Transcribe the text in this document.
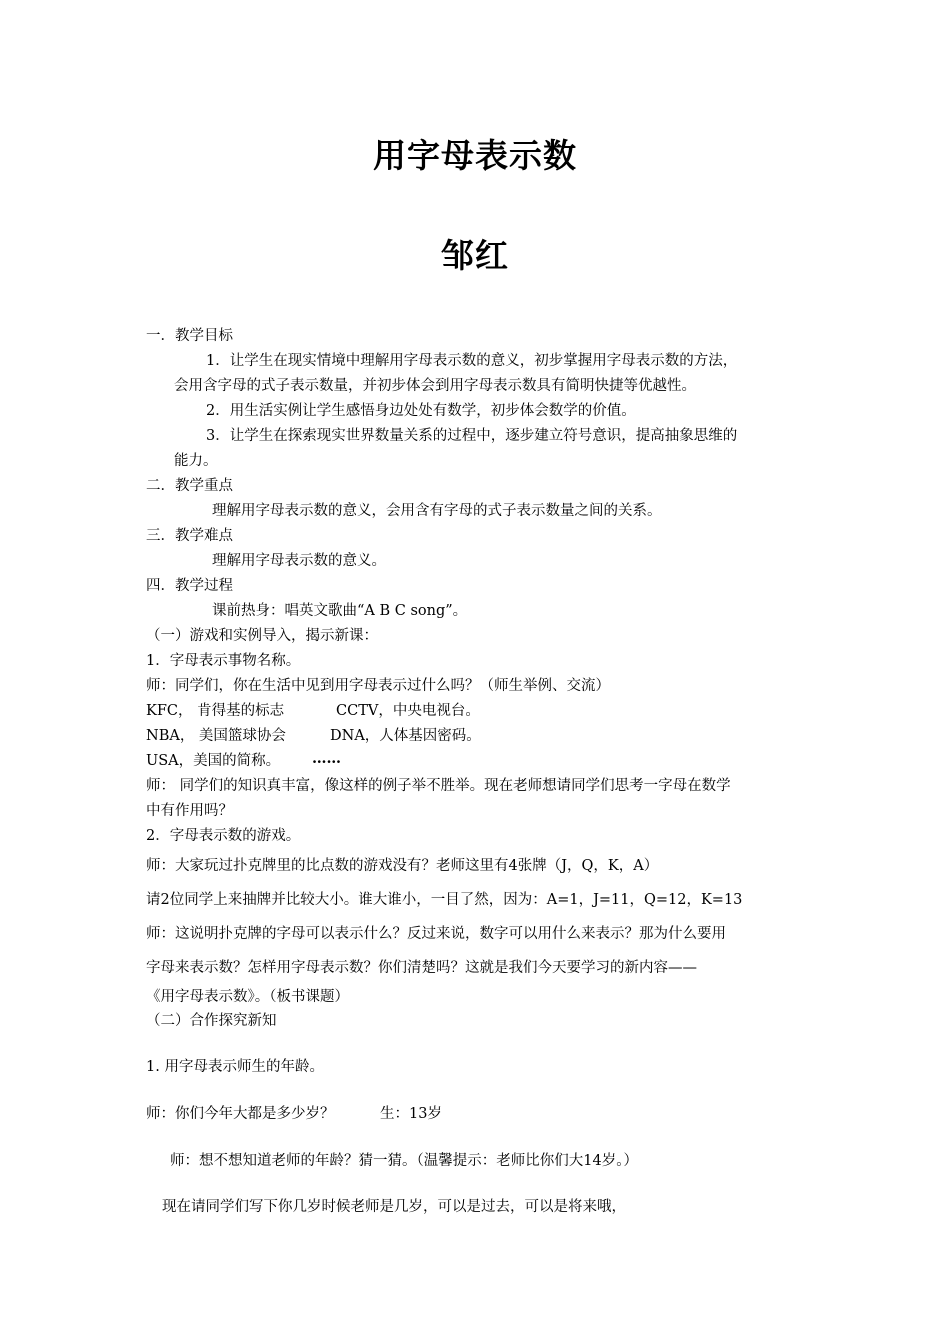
用字母表示数
邹红
一．教学目标
1．让学生在现实情境中理解用字母表示数的意义，初步掌握用字母表示数的方法，
会用含字母的式子表示数量，并初步体会到用字母表示数具有简明快捷等优越性。
2．用生活实例让学生感悟身边处处有数学，初步体会数学的价值。
3．让学生在探索现实世界数量关系的过程中，逐步建立符号意识，提高抽象思维的
能力。
二．教学重点
理解用字母表示数的意义，会用含有字母的式子表示数量之间的关系。
三．教学难点
理解用字母表示数的意义。
四．教学过程
课前热身：唱英文歌曲“A B C song”。
（一）游戏和实例导入，揭示新课：
1．字母表示事物名称。
师：同学们，你在生活中见到用字母表示过什么吗？（师生举例、交流）
KFC， 肯得基的标志	CCTV，中央电视台。
NBA， 美国篮球协会	DNA，人体基因密码。
USA，美国的简称。 ……
师： 同学们的知识真丰富，像这样的例子举不胜举。现在老师想请同学们思考一字母在数学
中有作用吗？
2．字母表示数的游戏。
师：大家玩过扑克牌里的比点数的游戏没有？老师这里有4张牌（J，Q，K，A）
请2位同学上来抽牌并比较大小。谁大谁小，一目了然，因为：A=1，J=11，Q=12，K=13
师：这说明扑克牌的字母可以表示什么？反过来说，数字可以用什么来表示？那为什么要用
字母来表示数？怎样用字母表示数？你们清楚吗？这就是我们今天要学习的新内容——
《用字母表示数》。（板书课题）
（二）合作探究新知
1. 用字母表示师生的年龄。
师：你们今年大都是多少岁？	生：13岁
师：想不想知道老师的年龄？猜一猜。（温馨提示：老师比你们大14岁。）
现在请同学们写下你几岁时候老师是几岁，可以是过去，可以是将来哦，
